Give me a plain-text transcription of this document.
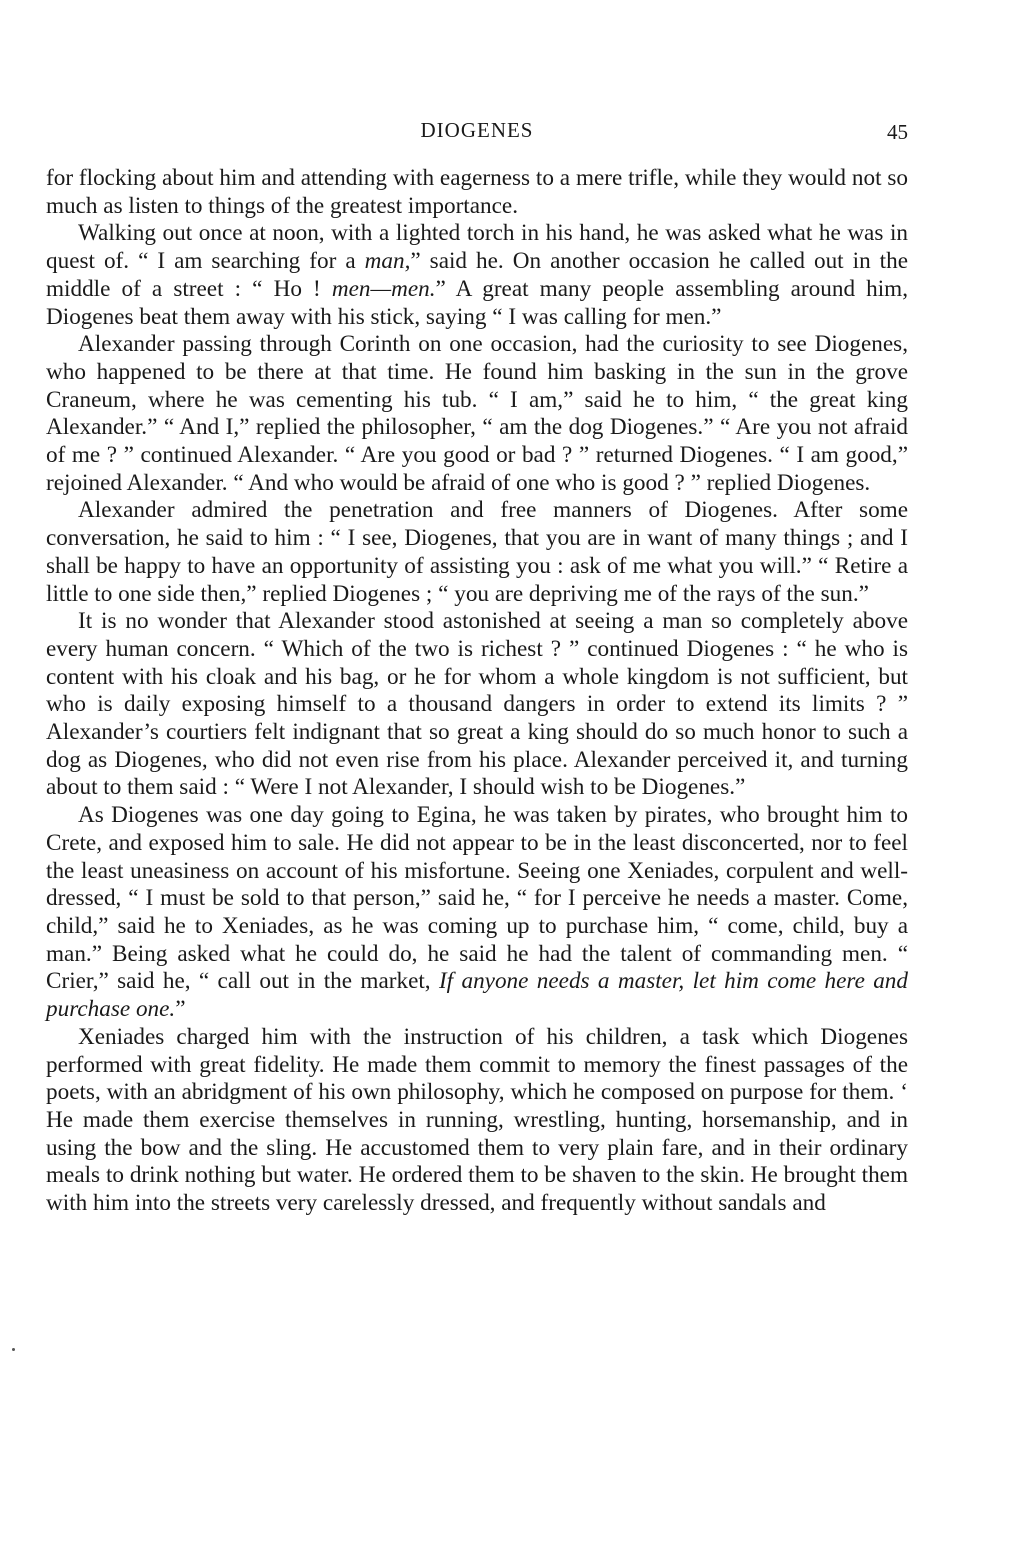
DIOGENES	45

for flocking about him and attending with eagerness to a mere trifle, while they would not so much as listen to things of the greatest importance.

Walking out once at noon, with a lighted torch in his hand, he was asked what he was in quest of. “ I am searching for a man,” said he. On another occasion he called out in the middle of a street : “ Ho ! men—men.” A great many people assembling around him, Diogenes beat them away with his stick, saying “ I was calling for men.”

Alexander passing through Corinth on one occasion, had the curiosity to see Diogenes, who happened to be there at that time. He found him basking in the sun in the grove Craneum, where he was cementing his tub. “ I am,” said he to him, “ the great king Alexander.” “ And I,” replied the philosopher, “ am the dog Diogenes.” “ Are you not afraid of me ? ” continued Alexander. “ Are you good or bad ? ” returned Diogenes. “ I am good,” rejoined Alexander. “ And who would be afraid of one who is good ? ” replied Diogenes.

Alexander admired the penetration and free manners of Diogenes. After some conversation, he said to him : “ I see, Diogenes, that you are in want of many things ; and I shall be happy to have an opportunity of assisting you : ask of me what you will.” “ Retire a little to one side then,” replied Diogenes ; “ you are depriving me of the rays of the sun.”

It is no wonder that Alexander stood astonished at seeing a man so completely above every human concern. “ Which of the two is richest ? ” continued Diogenes : “ he who is content with his cloak and his bag, or he for whom a whole kingdom is not sufficient, but who is daily exposing himself to a thousand dangers in order to extend its limits ? ” Alexander’s courtiers felt indignant that so great a king should do so much honor to such a dog as Diogenes, who did not even rise from his place. Alexander perceived it, and turning about to them said : “ Were I not Alexander, I should wish to be Diogenes.”

As Diogenes was one day going to Egina, he was taken by pirates, who brought him to Crete, and exposed him to sale. He did not appear to be in the least disconcerted, nor to feel the least uneasiness on account of his misfortune. Seeing one Xeniades, corpulent and well-dressed, “ I must be sold to that person,” said he, “ for I perceive he needs a master. Come, child,” said he to Xeniades, as he was coming up to purchase him, “ come, child, buy a man.” Being asked what he could do, he said he had the talent of commanding men. “ Crier,” said he, “ call out in the market, If anyone needs a master, let him come here and purchase one.”

Xeniades charged him with the instruction of his children, a task which Diogenes performed with great fidelity. He made them commit to memory the finest passages of the poets, with an abridgment of his own philosophy, which he composed on purpose for them. ‘ He made them exercise themselves in running, wrestling, hunting, horsemanship, and in using the bow and the sling. He accustomed them to very plain fare, and in their ordinary meals to drink nothing but water. He ordered them to be shaven to the skin. He brought them with him into the streets very carelessly dressed, and frequently without sandals and
